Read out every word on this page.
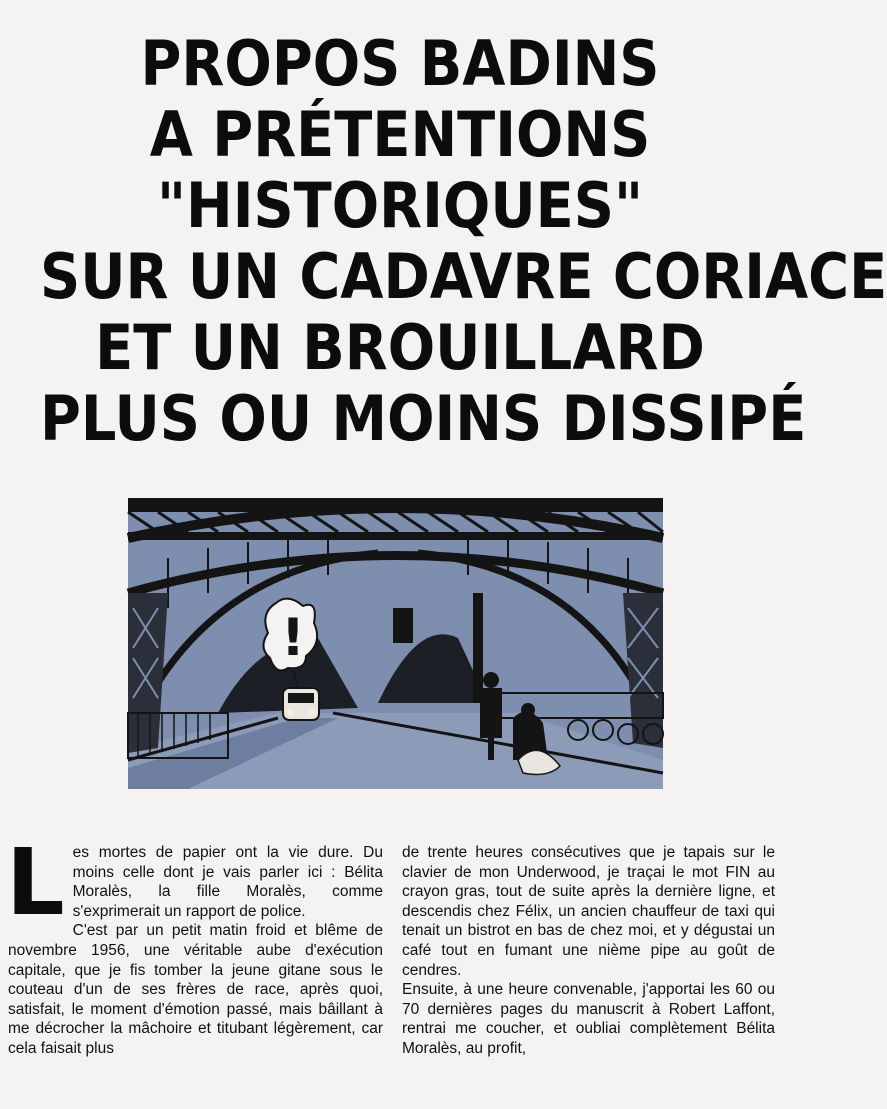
PROPOS BADINS
A PRÉTENTIONS
"HISTORIQUES"
SUR UN CADAVRE CORIACE
ET UN BROUILLARD
PLUS OU MOINS DISSIPÉ
!
L es mortes de papier ont la vie dure. Du moins celle dont je vais parler ici : Bélita Moralès, la fille Moralès, comme s'exprimerait un rapport de police.

C'est par un petit matin froid et blême de novembre 1956, une véritable aube d'exécution capitale, que je fis tomber la jeune gitane sous le couteau d'un de ses frères de race, après quoi, satisfait, le moment d'émotion passé, mais bâillant à me décrocher la mâchoire et titubant légèrement, car cela faisait plus

de trente heures consécutives que je tapais sur le clavier de mon Underwood, je traçai le mot FIN au crayon gras, tout de suite après la dernière ligne, et descendis chez Félix, un ancien chauffeur de taxi qui tenait un bistrot en bas de chez moi, et y dégustai un café tout en fumant une nième pipe au goût de cendres.

Ensuite, à une heure convenable, j'apportai les 60 ou 70 dernières pages du manuscrit à Robert Laffont, rentrai me coucher, et oubliai complètement Bélita Moralès, au profit,
